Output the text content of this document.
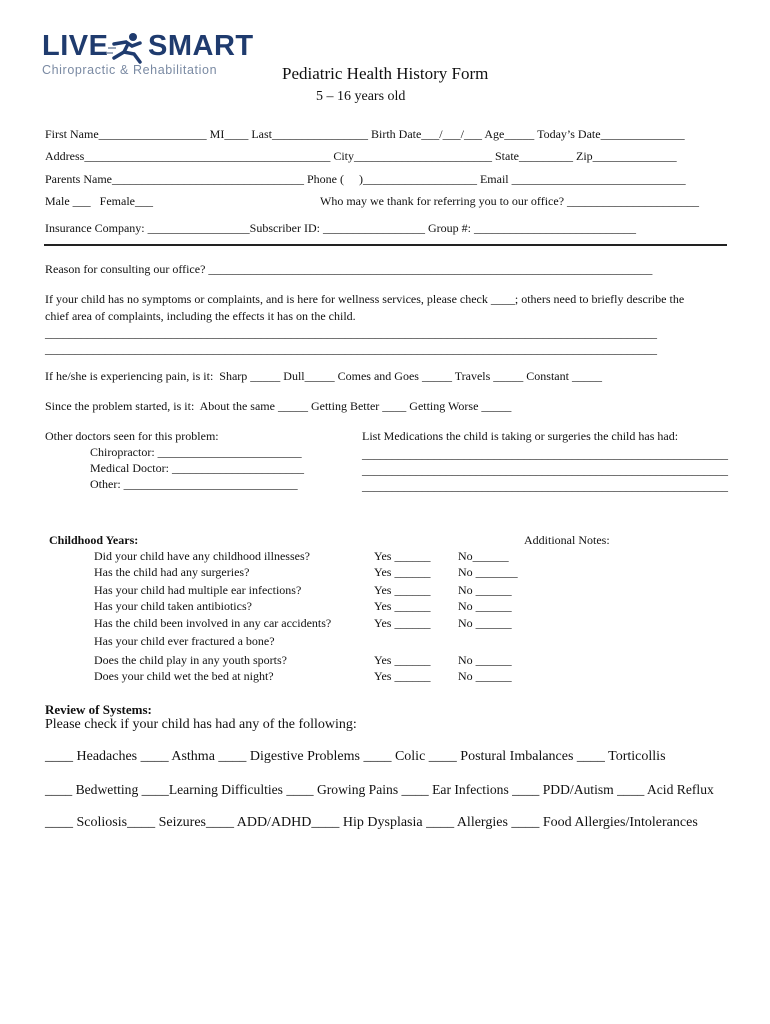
LIVE

SMART

Chiropractic & Rehabilitation	Pediatric Health History Form
5 – 16 years old
First Name__________________ MI____ Last________________ Birth Date___/___/___ Age_____ Today’s Date______________
Address_________________________________________ City_______________________ State_________ Zip______________
Parents Name________________________________ Phone (     )___________________ Email _____________________________
Male ___   Female___	Who may we thank for referring you to our office? ______________________
Insurance Company: _________________Subscriber ID: _________________ Group #: ___________________________
Reason for consulting our office? __________________________________________________________________________
If your child has no symptoms or complaints, and is here for wellness services, please check ____; others need to briefly describe the
chief area of complaints, including the effects it has on the child.
______________________________________________________________________________________________________
______________________________________________________________________________________________________
If he/she is experiencing pain, is it:  Sharp _____ Dull_____ Comes and Goes _____ Travels _____ Constant _____
Since the problem started, is it:  About the same _____ Getting Better ____ Getting Worse _____
Other doctors seen for this problem:
Chiropractor: ________________________
Medical Doctor: ______________________
Other: _____________________________
List Medications the child is taking or surgeries the child has had:
_____________________________________________________________
_____________________________________________________________
_____________________________________________________________
Childhood Years:	Additional Notes:
Did your child have any childhood illnesses?	Yes ______ No______
Has the child had any surgeries?	Yes ______ No _______
Has your child had multiple ear infections?	Yes ______ No ______
Has your child taken antibiotics?	Yes ______ No ______
Has the child been involved in any car accidents?	Yes ______ No ______
Has your child ever fractured a bone?
Does the child play in any youth sports?	Yes ______ No ______
Does your child wet the bed at night?	Yes ______ No ______
Review of Systems:
Please check if your child has had any of the following:
____ Headaches ____ Asthma ____ Digestive Problems ____ Colic ____ Postural Imbalances ____ Torticollis
____ Bedwetting ____Learning Difficulties ____ Growing Pains ____ Ear Infections ____ PDD/Autism ____ Acid Reflux
____ Scoliosis____ Seizures____ ADD/ADHD____ Hip Dysplasia ____ Allergies ____ Food Allergies/Intolerances
